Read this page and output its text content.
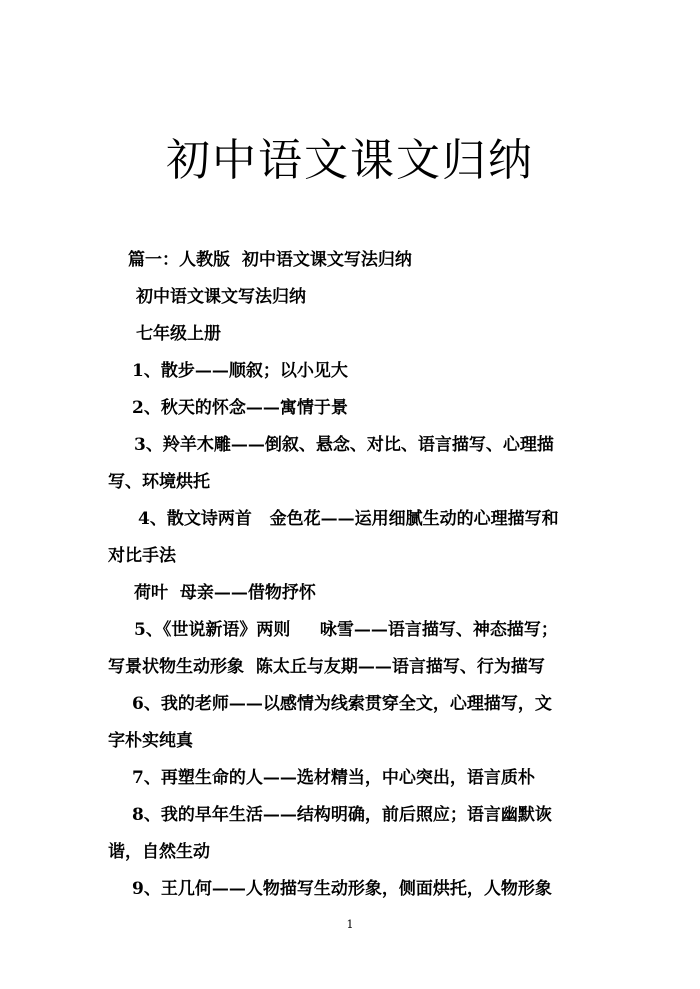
初中语文课文归纳
篇一：人教版  初中语文课文写法归纳
初中语文课文写法归纳
七年级上册
1、散步——顺叙；以小见大
2、秋天的怀念——寓情于景
3、羚羊木雕——倒叙、悬念、对比、语言描写、心理描
写、环境烘托
4、散文诗两首   金色花——运用细腻生动的心理描写和
对比手法
荷叶  母亲——借物抒怀
5、《世说新语》两则     咏雪——语言描写、神态描写；
写景状物生动形象  陈太丘与友期——语言描写、行为描写
6、我的老师——以感情为线索贯穿全文，心理描写，文
字朴实纯真
7、再塑生命的人——选材精当，中心突出，语言质朴
8、我的早年生活——结构明确，前后照应；语言幽默诙
谐，自然生动
9、王几何——人物描写生动形象，侧面烘托，人物形象
1
